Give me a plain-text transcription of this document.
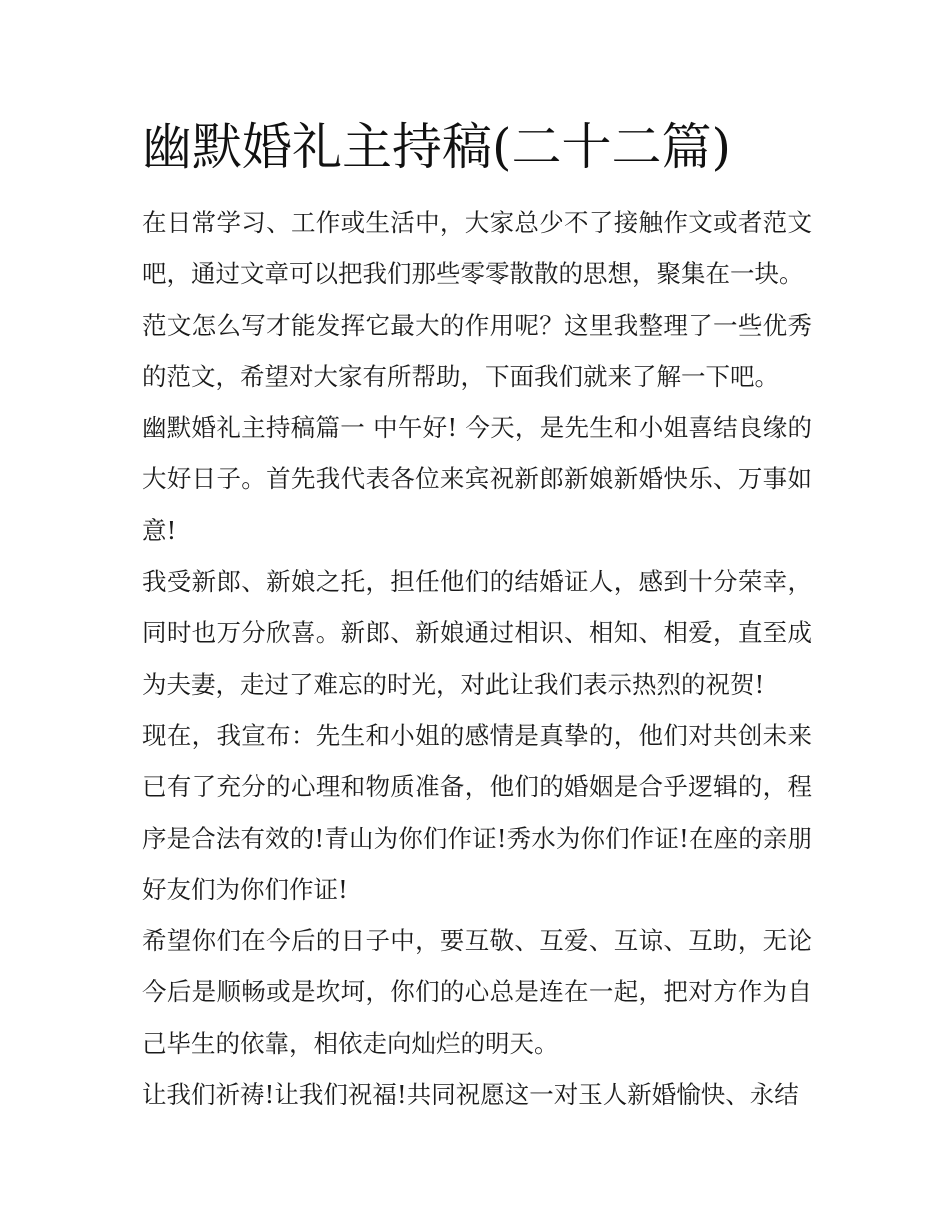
幽默婚礼主持稿(二十二篇)

在日常学习、工作或生活中，大家总少不了接触作文或者范文吧，通过文章可以把我们那些零零散散的思想，聚集在一块。

范文怎么写才能发挥它最大的作用呢？这里我整理了一些优秀的范文，希望对大家有所帮助，下面我们就来了解一下吧。

幽默婚礼主持稿篇一 中午好! 今天，是先生和小姐喜结良缘的大好日子。首先我代表各位来宾祝新郎新娘新婚快乐、万事如意!

我受新郎、新娘之托，担任他们的结婚证人，感到十分荣幸，同时也万分欣喜。新郎、新娘通过相识、相知、相爱，直至成为夫妻，走过了难忘的时光，对此让我们表示热烈的祝贺!

现在，我宣布：先生和小姐的感情是真挚的，他们对共创未来已有了充分的心理和物质准备，他们的婚姻是合乎逻辑的，程序是合法有效的!青山为你们作证!秀水为你们作证!在座的亲朋好友们为你们作证!

希望你们在今后的日子中，要互敬、互爱、互谅、互助，无论今后是顺畅或是坎坷，你们的心总是连在一起，把对方作为自己毕生的依靠，相依走向灿烂的明天。

让我们祈祷!让我们祝福!共同祝愿这一对玉人新婚愉快、永结
